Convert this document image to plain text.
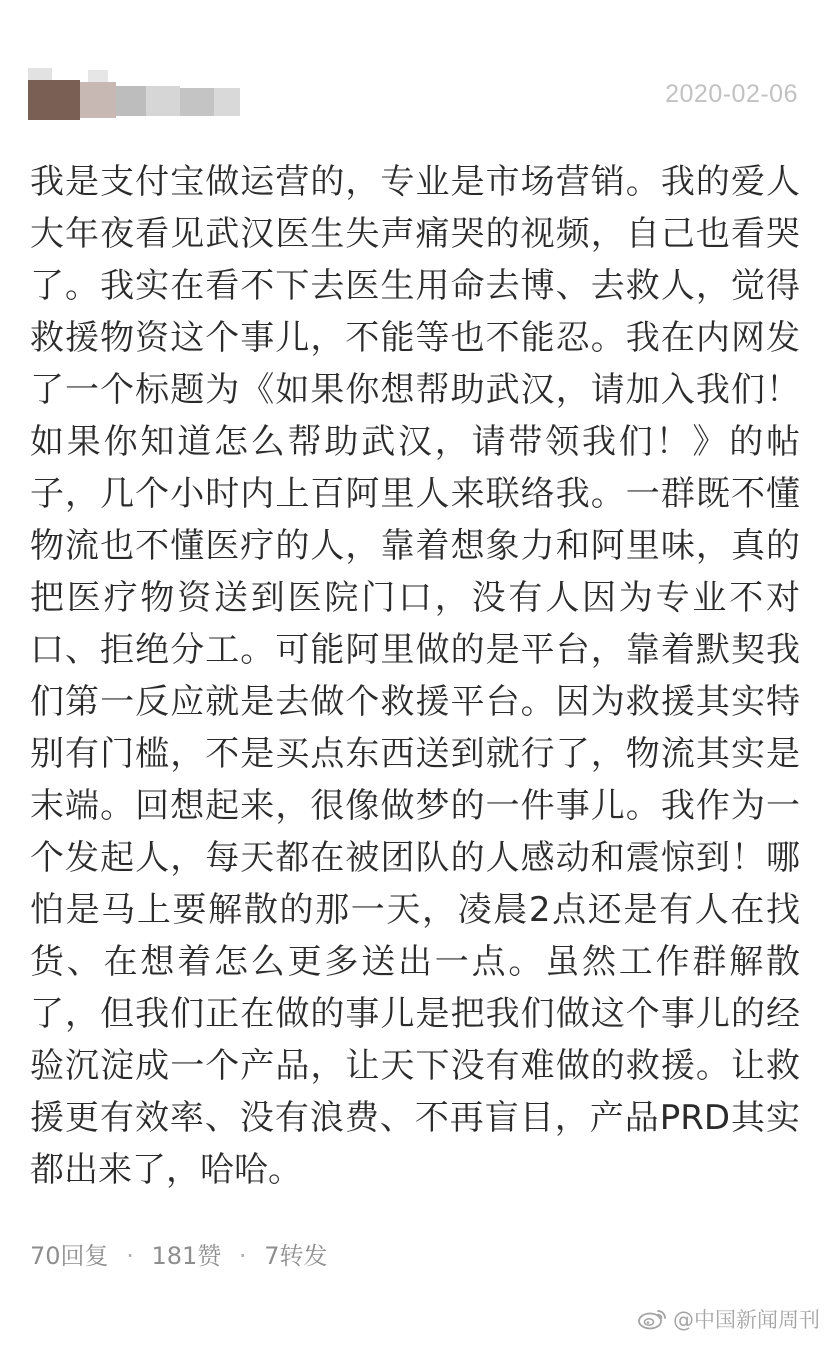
2020-02-06
我是支付宝做运营的，专业是市场营销。我的爱人大年夜看见武汉医生失声痛哭的视频，自己也看哭了。我实在看不下去医生用命去博、去救人，觉得救援物资这个事儿，不能等也不能忍。我在内网发了一个标题为《如果你想帮助武汉，请加入我们！如果你知道怎么帮助武汉，请带领我们！》的帖子，几个小时内上百阿里人来联络我。一群既不懂物流也不懂医疗的人，靠着想象力和阿里味，真的把医疗物资送到医院门口，没有人因为专业不对口、拒绝分工。可能阿里做的是平台，靠着默契我们第一反应就是去做个救援平台。因为救援其实特别有门槛，不是买点东西送到就行了，物流其实是末端。回想起来，很像做梦的一件事儿。我作为一个发起人，每天都在被团队的人感动和震惊到！哪怕是马上要解散的那一天，凌晨2点还是有人在找货、在想着怎么更多送出一点。虽然工作群解散了，但我们正在做的事儿是把我们做这个事儿的经验沉淀成一个产品，让天下没有难做的救援。让救援更有效率、没有浪费、不再盲目，产品PRD其实都出来了，哈哈。
70回复 · 181赞 · 7转发
@中国新闻周刊
